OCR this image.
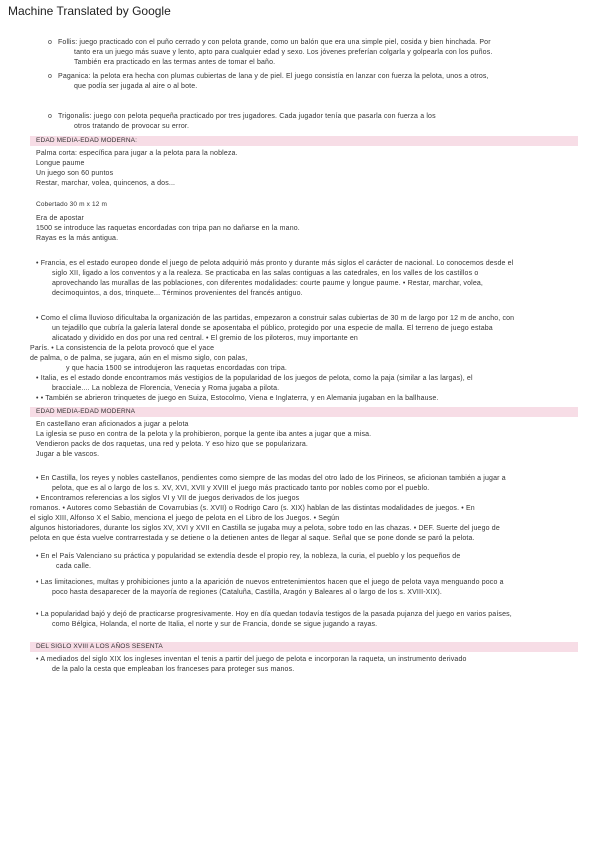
Machine Translated by Google
o Follis: juego practicado con el puño cerrado y con pelota grande, como un balón que era una simple piel, cosida y bien hinchada. Por
tanto era un juego más suave y lento, apto para cualquier edad y sexo. Los jóvenes preferían colgarla y golpearla con los puños.
También era practicado en las termas antes de tomar el baño.
o Paganica: la pelota era hecha con plumas cubiertas de lana y de piel. El juego consistía en lanzar con fuerza la pelota, unos a otros,
que podía ser jugada al aire o al bote.
o Trigonalis: juego con pelota pequeña practicado por tres jugadores. Cada jugador tenía que pasarla con fuerza a los
otros tratando de provocar su error.
EDAD MEDIA-EDAD MODERNA:

Palma corta: específica para jugar a la pelota para la nobleza.

Longue paume

Un juego son 60 puntos

Restar, marchar, volea, quincenos, a dos...

Cobertado 30 m x 12 m

Era de apostar

1500 se introduce las raquetas encordadas con tripa pan no dañarse en la mano.

Rayas es la más antigua.

• Francia, es el estado europeo donde el juego de pelota adquirió más pronto y durante más siglos el carácter de nacional. Lo conocemos desde el
siglo XII, ligado a los conventos y a la realeza. Se practicaba en las salas contiguas a las catedrales, en los valles de los castillos o
aprovechando las murallas de las poblaciones, con diferentes modalidades: courte paume y longue paume. • Restar, marchar, volea,
decimoquintos, a dos, trinquete... Términos provenientes del francés antiguo.
• Como el clima lluvioso dificultaba la organización de las partidas, empezaron a construir salas cubiertas de 30 m de largo por 12 m de ancho, con
un tejadillo que cubría la galería lateral donde se aposentaba el público, protegido por una especie de malla. El terreno de juego estaba
alicatado y dividido en dos por una red central. • El gremio de los piloteros, muy importante en

París. • La consistencia de la pelota provocó que el yace

de palma, o de palma, se jugara, aún en el mismo siglo, con palas,

y que hacia 1500 se introdujeron las raquetas encordadas con tripa.

• Italia, es el estado donde encontramos más vestigios de la popularidad de los juegos de pelota, como la paja (similar a las largas), el
bracciale.... La nobleza de Florencia, Venecia y Roma jugaba a pilota.
• • También se abrieron trinquetes de juego en Suiza, Estocolmo, Viena e Inglaterra, y en Alemania jugaban en la ballhause.
EDAD MEDIA-EDAD MODERNA

En castellano eran aficionados a jugar a pelota

La iglesia se puso en contra de la pelota y la prohibieron, porque la gente iba antes a jugar que a misa.

Vendieron packs de dos raquetas, una red y pelota. Y eso hizo que se popularizara.

Jugar a ble vascos.

• En Castilla, los reyes y nobles castellanos, pendientes como siempre de las modas del otro lado de los Pirineos, se aficionan también a jugar a
pelota, que es al o largo de los s. XV, XVI, XVII y XVIII el juego más practicado tanto por nobles como por el pueblo.
• Encontramos referencias a los siglos VI y VII de juegos derivados de los juegos

romanos. • Autores como Sebastián de Covarrubias (s. XVII) o Rodrigo Caro (s. XIX) hablan de las distintas modalidades de juegos. • En

el siglo XIII, Alfonso X el Sabio, menciona el juego de pelota en el Libro de los Juegos. • Según

algunos historiadores, durante los siglos XV, XVI y XVII en Castilla se jugaba muy a pelota, sobre todo en las chazas. • DEF. Suerte del juego de

pelota en que ésta vuelve contrarrestada y se detiene o la detienen antes de llegar al saque. Señal que se pone donde se paró la pelota.

• En el País Valenciano su práctica y popularidad se extendía desde el propio rey, la nobleza, la curia, el pueblo y los pequeños de
cada calle.
• Las limitaciones, multas y prohibiciones junto a la aparición de nuevos entretenimientos hacen que el juego de pelota vaya menguando poco a
poco hasta desaparecer de la mayoría de regiones (Cataluña, Castilla, Aragón y Baleares al o largo de los s. XVIII-XIX).
• La popularidad bajó y dejó de practicarse progresivamente. Hoy en día quedan todavía testigos de la pasada pujanza del juego en varios países,
como Bélgica, Holanda, el norte de Italia, el norte y sur de Francia, donde se sigue jugando a rayas.
DEL SIGLO XVIII A LOS AÑOS SESENTA
• A mediados del siglo XIX los ingleses inventan el tenis a partir del juego de pelota e incorporan la raqueta, un instrumento derivado
de la palo la cesta que empleaban los franceses para proteger sus manos.
